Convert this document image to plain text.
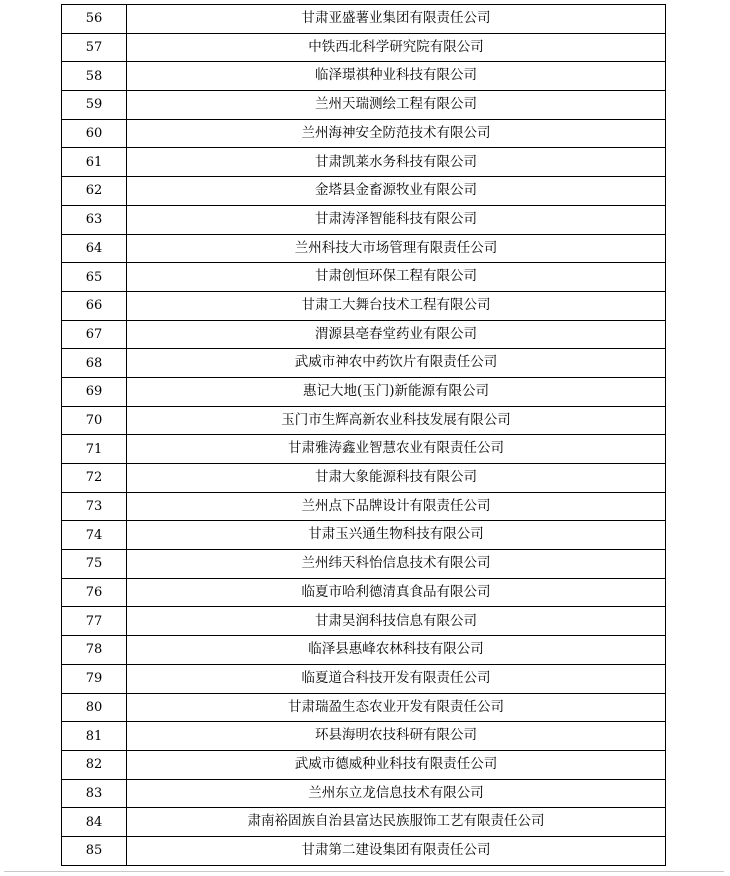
56	甘肃亚盛薯业集团有限责任公司
57	中铁西北科学研究院有限公司
58	临泽璟祺种业科技有限公司
59	兰州天瑞测绘工程有限公司
60	兰州海神安全防范技术有限公司
61	甘肃凯莱水务科技有限公司
62	金塔县金畜源牧业有限公司
63	甘肃涛泽智能科技有限公司
64	兰州科技大市场管理有限责任公司
65	甘肃创恒环保工程有限公司
66	甘肃工大舞台技术工程有限公司
67	渭源县亳春堂药业有限公司
68	武威市神农中药饮片有限责任公司
69	惠记大地(玉门)新能源有限公司
70	玉门市生辉高新农业科技发展有限公司
71	甘肃雅涛鑫业智慧农业有限责任公司
72	甘肃大象能源科技有限公司
73	兰州点下品牌设计有限责任公司
74	甘肃玉兴通生物科技有限公司
75	兰州纬天科怡信息技术有限公司
76	临夏市哈利德清真食品有限公司
77	甘肃昊润科技信息有限公司
78	临泽县惠峰农林科技有限公司
79	临夏道合科技开发有限责任公司
80	甘肃瑞盈生态农业开发有限责任公司
81	环县海明农技科研有限公司
82	武威市德威种业科技有限责任公司
83	兰州东立龙信息技术有限公司
84	肃南裕固族自治县富达民族服饰工艺有限责任公司
85	甘肃第二建设集团有限责任公司
